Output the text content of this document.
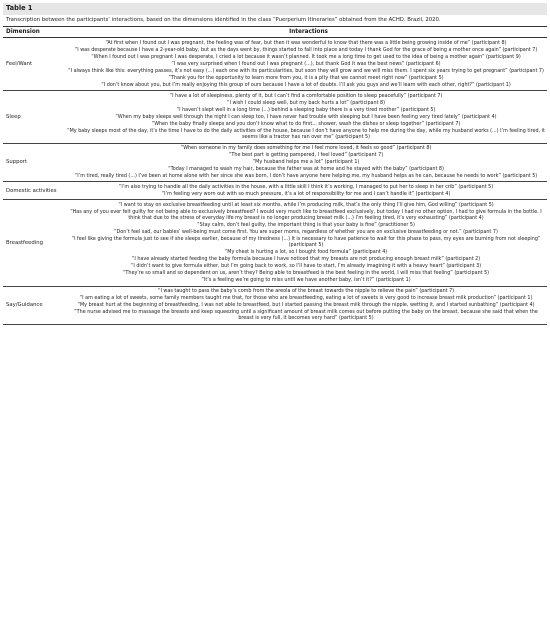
Table 1
Transcription between the participants’ interactions, based on the dimensions identified in the class “Puerperium Itineraries” obtained from the ACHD. Brazil, 2020.
Dimension	Interactions
Feel/Want

“At first when I found out I was pregnant, the feeling was of fear, but then it was wonderful to know that there was a little being growing inside of me” (participant 8)

“I was desperate because I have a 2-year-old baby, but as the days went by, things started to fall into place and today I thank God for the grace of being a mother once again” (participant 7)

“When I found out I was pregnant I was desperate, I cried a lot because it wasn’t planned. It took me a long time to get used to the idea of being a mother again” (participant 9)

“I was very surprised when I found out I was pregnant (...), but thank God it was the best news” (participant 6)

“I always think like this: everything passes, it’s not easy (...) each one with its particularities, but soon they will grow and we will miss them. I spent six years trying to get pregnant” (participant 7)

“Thank you for the opportunity to learn more from you, it is a pity that we cannot meet right now” (participant 5)

“I don’t know about you, but I’m really enjoying this group of ours because I have a lot of doubts. I’ll ask you guys and we’ll learn with each other, right?” (participant 1)

Sleep

“I have a lot of sleepiness, plenty of it, but I can’t find a comfortable position to sleep peacefully” (participant 7)

“I wish I could sleep well, but my back hurts a lot” (participant 8)

“I haven’t slept well in a long time (...) behind a sleeping baby there is a very tired mother” (participant 5)

“When my baby sleeps well through the night I can sleep too, I have never had trouble with sleeping but I have been feeling very tired lately” (participant 4)

“When the baby finally sleeps and you don’t know what to do first... shower, wash the dishes or sleep together” (participant 7)

“My baby sleeps most of the day, it’s the time I have to do the daily activities of the house, because I don’t have anyone to help me during the day, while my husband works (...) I’m feeling tired, it seems like a tractor has ran over me” (participant 5)

Support

“When someone in my family does something for me I feel more loved, it feels so good” (participant 8)

“The best part is getting pampered, I feel loved” (participant 7)

“My husband helps me a lot” (participant 1)

“Today I managed to wash my hair, because the father was at home and he stayed with the baby” (participant 8)

“I’m tired, really tired (...) I’ve been at home alone with her since she was born, I don’t have anyone here helping me, my husband helps as he can, because he needs to work” (participant 5)

Domestic activities

“I’m also trying to handle all the daily activities in the house, with a little skill I think it’s working, I managed to put her to sleep in her crib” (participant 5)

“I’m feeling very worn out with so much pressure, it’s a lot of responsibility for me and I can’t handle it” (participant 4)

Breastfeeding

“I want to stay on exclusive breastfeeding until at least six months, while I’m producing milk, that’s the only thing I’ll give him, God willing” (participant 5)

“Has any of you ever felt guilty for not being able to exclusively breastfeed? I would very much like to breastfeed exclusively, but today I had no other option, I had to give formula in the bottle. I think that due to the stress of everyday life my breast is no longer producing breast milk (...) I’m feeling tired, it’s very exhausting” (participant 4)

“Stay calm, don’t feel guilty, the important thing is that your baby is fine” (practitioner 5)

“Don’t feel sad, our babies’ well-being must come first. You are super moms, regardless of whether you are on exclusive breastfeeding or not.” (participant 7)

“I feel like giving the formula just to see if she sleeps earlier, because of my tiredness (...) It is necessary to have patience to wait for this phase to pass, my eyes are burning from not sleeping” (participant 5)

“My chest is hurting a lot, so I bought food formula” (participant 4)

“I have already started feeding the baby formula because I have noticed that my breasts are not producing enough breast milk” (participant 2)

“I didn’t want to give formula either, but I’m going back to work, so I’ll have to start, I’m already imagining it with a heavy heart” (participant 3)

“They’re so small and so dependent on us, aren’t they? Being able to breastfeed is the best feeling in the world, I will miss that feeling” (participant 5)

“It’s a feeling we’re going to miss until we have another baby, isn’t it?” (participant 1)

Say/Guidance

“I was taught to pass the baby’s comb from the areola of the breast towards the nipple to relieve the pain” (participant 7)

“I am eating a lot of sweets, some family members taught me that, for those who are breastfeeding, eating a lot of sweets is very good to increase breast milk production” (participant 1)

“My breast hurt at the beginning of breastfeeding, I was not able to breastfeed, but I started passing the breast milk through the nipple, wetting it, and I started sunbathing” (participant 4)

“The nurse advised me to massage the breasts and keep squeezing until a significant amount of breast milk comes out before putting the baby on the breast, because she said that when the breast is very full, it becomes very hard” (participant 5)
